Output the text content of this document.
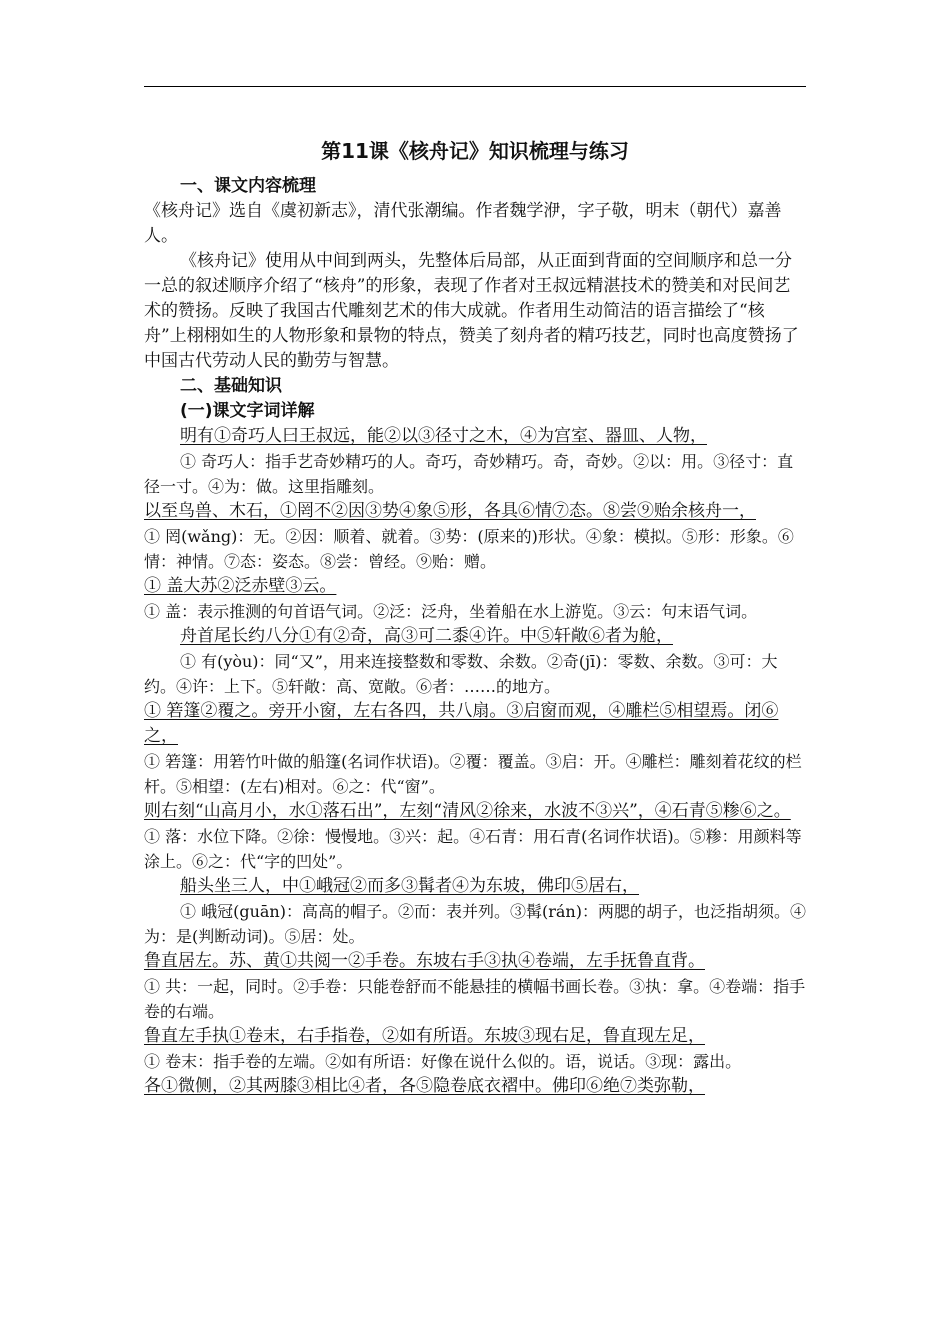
第11课《核舟记》知识梳理与练习

一、课文内容梳理

《核舟记》选自《虞初新志》，清代张潮编。作者魏学洢，字子敬，明末（朝代）嘉善人。

《核舟记》使用从中间到两头，先整体后局部，从正面到背面的空间顺序和总一分一总的叙述顺序介绍了“核舟”的形象，表现了作者对王叔远精湛技术的赞美和对民间艺术的赞扬。反映了我国古代雕刻艺术的伟大成就。作者用生动简洁的语言描绘了“核舟”上栩栩如生的人物形象和景物的特点，赞美了刻舟者的精巧技艺，同时也高度赞扬了中国古代劳动人民的勤劳与智慧。

二、基础知识

(一)课文字词详解

明有①奇巧人曰王叔远，能②以③径寸之木，④为宫室、器皿、人物，

① 奇巧人：指手艺奇妙精巧的人。奇巧，奇妙精巧。奇，奇妙。②以：用。③径寸：直径一寸。④为：做。这里指雕刻。

以至鸟兽、木石，①罔不②因③势④象⑤形，各具⑥情⑦态。⑧尝⑨贻余核舟一，

① 罔(wǎng)：无。②因：顺着、就着。③势：(原来的)形状。④象：模拟。⑤形：形象。⑥情：神情。⑦态：姿态。⑧尝：曾经。⑨贻：赠。

① 盖大苏②泛赤壁③云。

① 盖：表示推测的句首语气词。②泛：泛舟，坐着船在水上游览。③云：句末语气词。

舟首尾长约八分①有②奇，高③可二黍④许。中⑤轩敞⑥者为舱，

① 有(yòu)：同“又”，用来连接整数和零数、余数。②奇(jī)：零数、余数。③可：大约。④许：上下。⑤轩敞：高、宽敞。⑥者：……的地方。

① 箬篷②覆之。旁开小窗，左右各四，共八扇。③启窗而观，④雕栏⑤相望焉。闭⑥之，

① 箬篷：用箬竹叶做的船篷(名词作状语)。②覆：覆盖。③启：开。④雕栏：雕刻着花纹的栏杆。⑤相望：(左右)相对。⑥之：代“窗”。

则右刻“山高月小，水①落石出”，左刻“清风②徐来，水波不③兴”，④石青⑤糁⑥之。

① 落：水位下降。②徐：慢慢地。③兴：起。④石青：用石青(名词作状语)。⑤糁：用颜料等涂上。⑥之：代“字的凹处”。

船头坐三人，中①峨冠②而多③髯者④为东坡，佛印⑤居右，

① 峨冠(guān)：高高的帽子。②而：表并列。③髯(rán)：两腮的胡子，也泛指胡须。④为：是(判断动词)。⑤居：处。

鲁直居左。苏、黄①共阅一②手卷。东坡右手③执④卷端，左手抚鲁直背。

① 共：一起，同时。②手卷：只能卷舒而不能悬挂的横幅书画长卷。③执：拿。④卷端：指手卷的右端。

鲁直左手执①卷末，右手指卷，②如有所语。东坡③现右足，鲁直现左足，

① 卷末：指手卷的左端。②如有所语：好像在说什么似的。语，说话。③现：露出。

各①微侧，②其两膝③相比④者，各⑤隐卷底衣褶中。佛印⑥绝⑦类弥勒，
